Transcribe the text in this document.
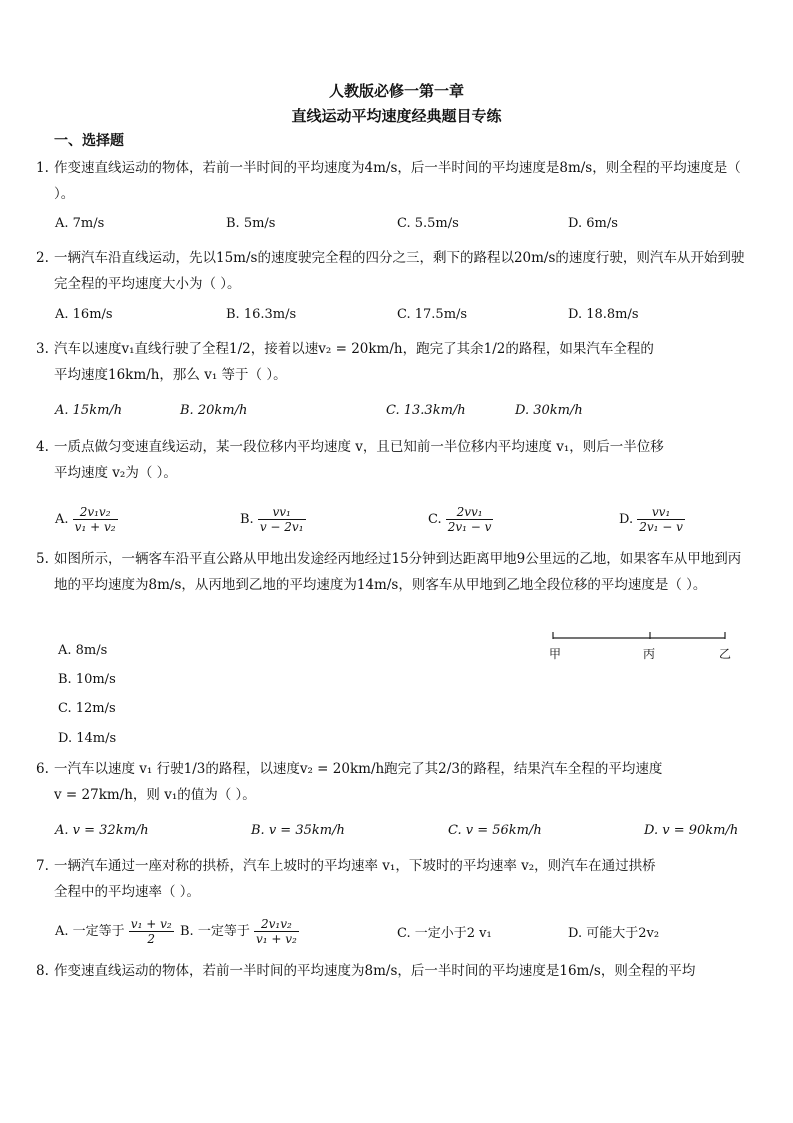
人教版必修一第一章
直线运动平均速度经典题目专练
一、选择题
1. 作变速直线运动的物体，若前一半时间的平均速度为4m/s，后一半时间的平均速度是8m/s，则全程的平均速度是（ ）。
A. 7m/s	B. 5m/s	C. 5.5m/s	D. 6m/s
2. 一辆汽车沿直线运动，先以15m/s的速度驶完全程的四分之三，剩下的路程以20m/s的速度行驶，则汽车从开始到驶完全程的平均速度大小为（ ）。
A. 16m/s	B. 16.3m/s	C. 17.5m/s	D. 18.8m/s
3. 汽车以速度v₁直线行驶了全程1/2，接着以速v₂ = 20km/h，跑完了其余1/2的路程，如果汽车全程的
平均速度16km/h，那么 v₁ 等于（ ）。
A. 15km/h	B. 20km/h	C. 13.3km/h	D. 30km/h
4. 一质点做匀变速直线运动，某一段位移内平均速度 v，且已知前一半位移内平均速度 v₁，则后一半位移
平均速度 v₂为（ ）。
A. $\frac{\text{2v₁v₂}}{\text{v₁ + v₂}}$	B. $\frac{\text{vv₁}}{\text{v − 2v₁}}$	C. $\frac{\text{2vv₁}}{\text{2v₁ − v}}$	D. $\frac{\text{vv₁}}{\text{2v₁ − v}}$
5. 如图所示，一辆客车沿平直公路从甲地出发途经丙地经过15分钟到达距离甲地9公里远的乙地，如果客车从甲地到丙地的平均速度为8m/s，从丙地到乙地的平均速度为14m/s，则客车从甲地到乙地全段位移的平均速度是（ ）。
A. 8m/s
B. 10m/s
C. 12m/s
D. 14m/s
甲	丙	乙
6. 一汽车以速度 v₁ 行驶1/3的路程，以速度v₂ = 20km/h跑完了其2/3的路程，结果汽车全程的平均速度
v = 27km/h，则 v₁的值为（ ）。
A. v = 32km/h	B. v = 35km/h	C. v = 56km/h	D. v = 90km/h
7. 一辆汽车通过一座对称的拱桥，汽车上坡时的平均速率 v₁，下坡时的平均速率 v₂，则汽车在通过拱桥
全程中的平均速率（ ）。
A. 一定等于 $\frac{\text{v₁ + v₂}}{2} B$. 一定等于 $\frac{\text{2v₁v₂}}{\text{v₁ + v₂}}$	C. 一定小于2 v₁	D. 可能大于2v₂
8. 作变速直线运动的物体，若前一半时间的平均速度为8m/s，后一半时间的平均速度是16m/s，则全程的平均
